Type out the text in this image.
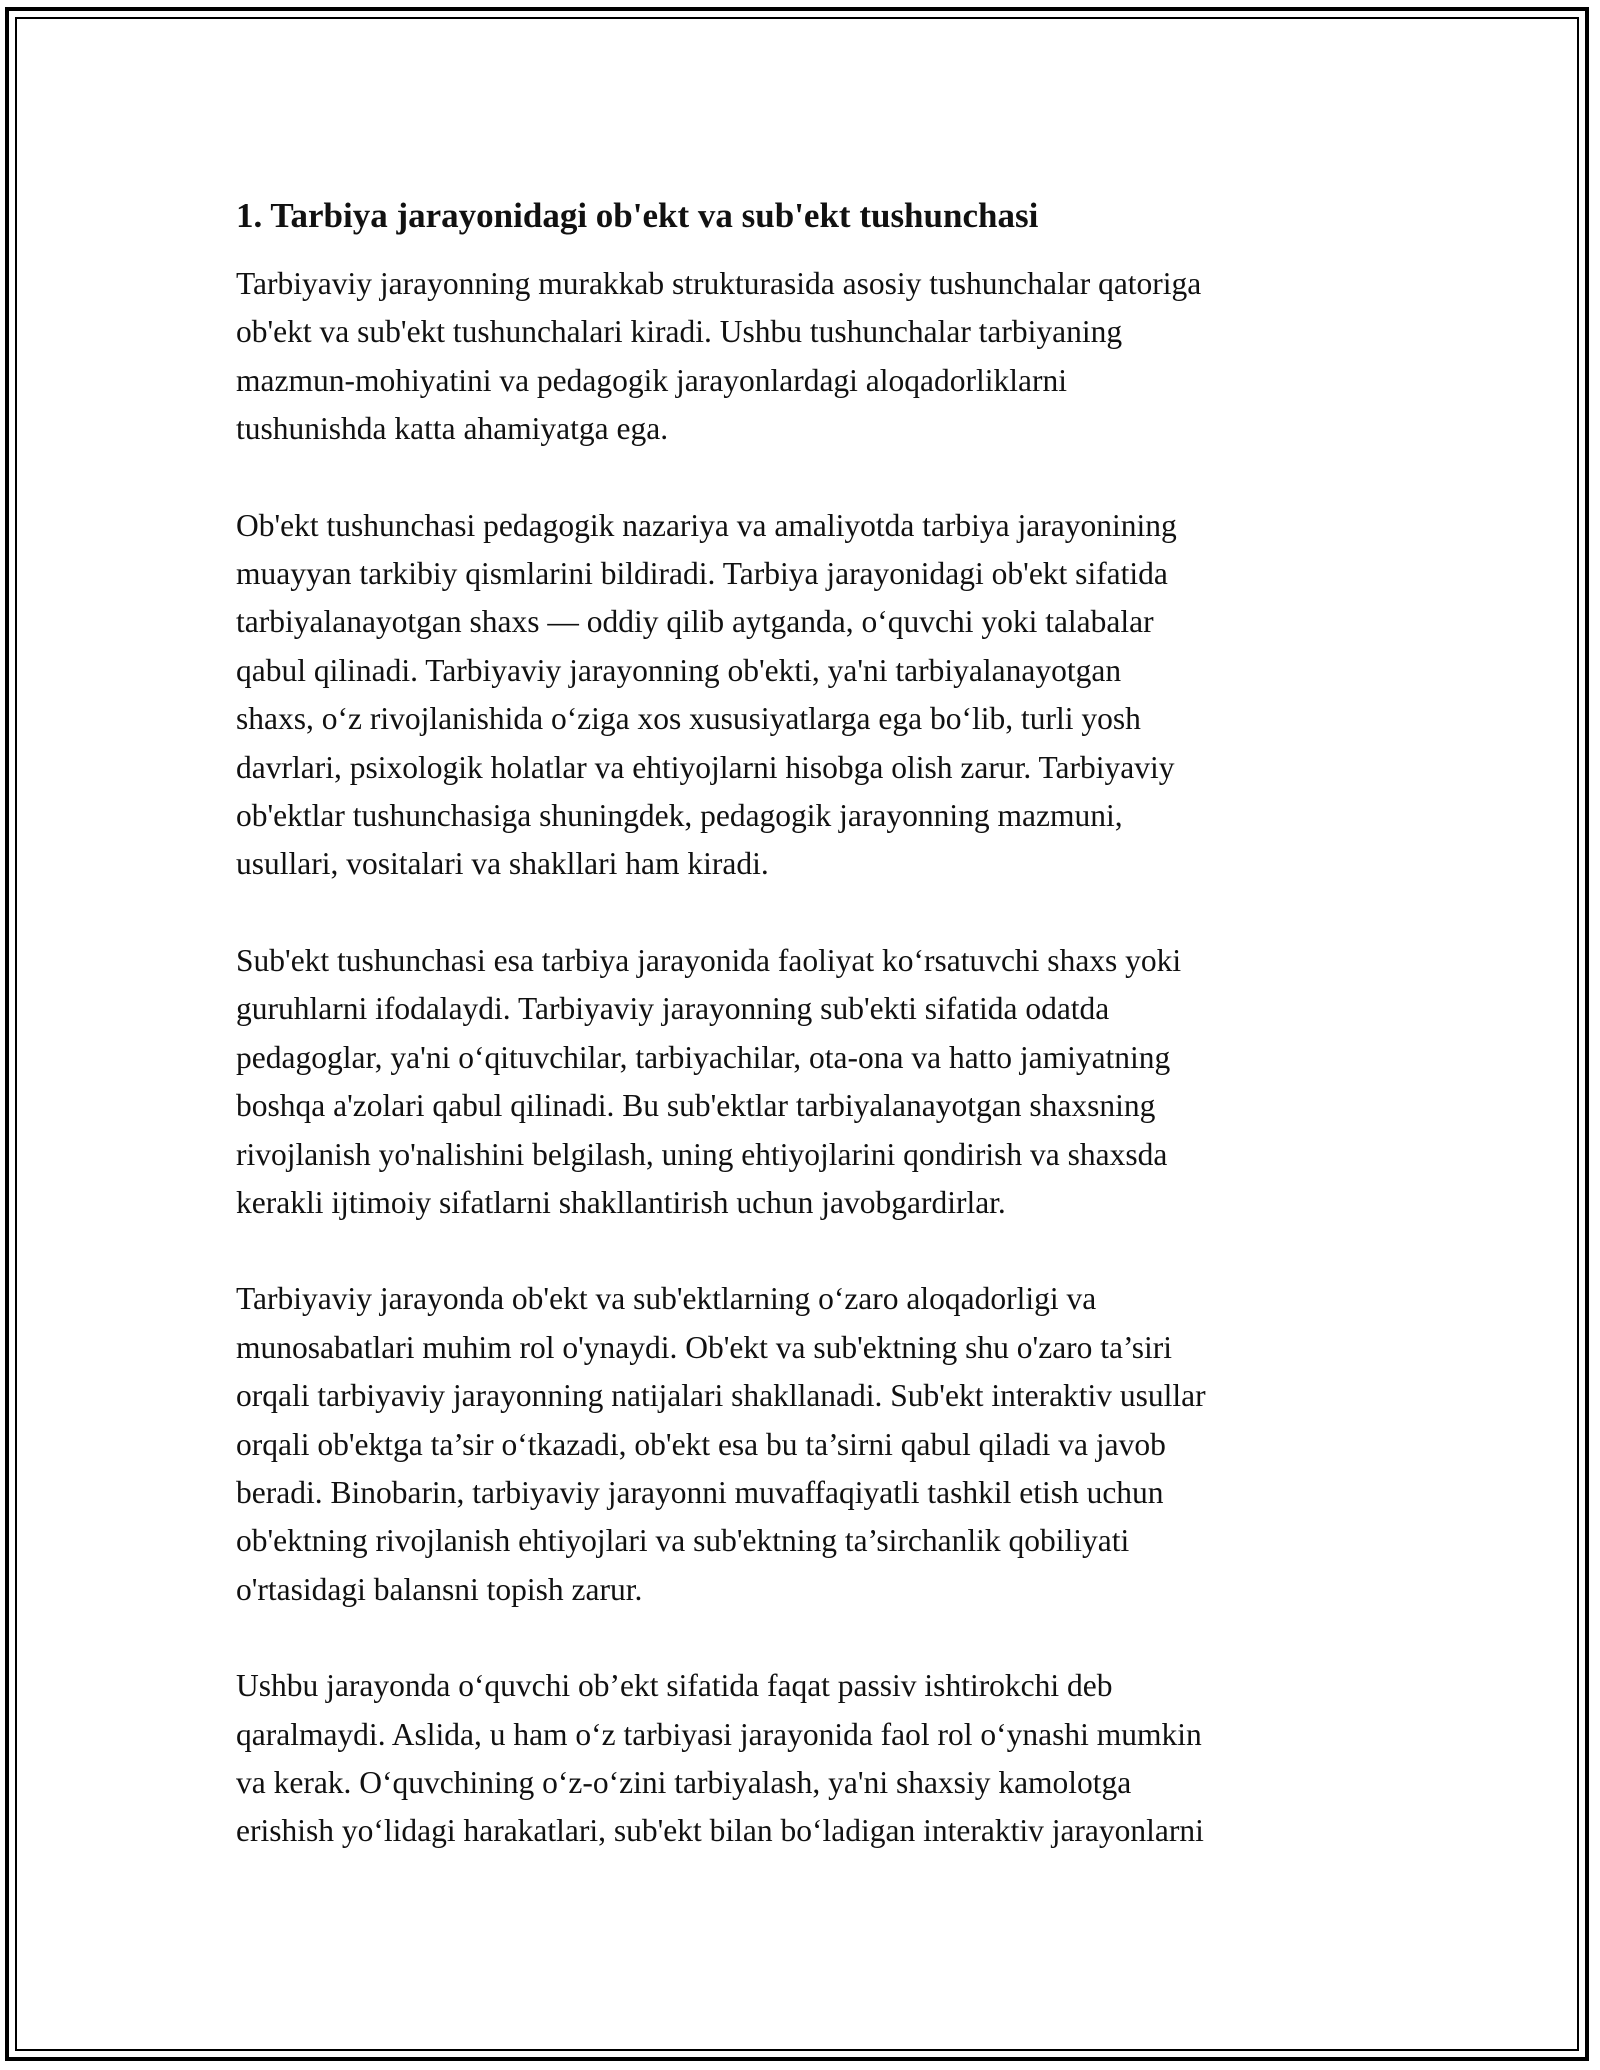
1. Tarbiya jarayonidagi ob'ekt va sub'ekt tushunchasi

Tarbiyaviy jarayonning murakkab strukturasida asosiy tushunchalar qatoriga
ob'ekt va sub'ekt tushunchalari kiradi. Ushbu tushunchalar tarbiyaning
mazmun-mohiyatini va pedagogik jarayonlardagi aloqadorliklarni
tushunishda katta ahamiyatga ega.

Ob'ekt tushunchasi pedagogik nazariya va amaliyotda tarbiya jarayonining
muayyan tarkibiy qismlarini bildiradi. Tarbiya jarayonidagi ob'ekt sifatida
tarbiyalanayotgan shaxs — oddiy qilib aytganda, o‘quvchi yoki talabalar
qabul qilinadi. Tarbiyaviy jarayonning ob'ekti, ya'ni tarbiyalanayotgan
shaxs, o‘z rivojlanishida o‘ziga xos xususiyatlarga ega bo‘lib, turli yosh
davrlari, psixologik holatlar va ehtiyojlarni hisobga olish zarur. Tarbiyaviy
ob'ektlar tushunchasiga shuningdek, pedagogik jarayonning mazmuni,
usullari, vositalari va shakllari ham kiradi.

Sub'ekt tushunchasi esa tarbiya jarayonida faoliyat ko‘rsatuvchi shaxs yoki
guruhlarni ifodalaydi. Tarbiyaviy jarayonning sub'ekti sifatida odatda
pedagoglar, ya'ni o‘qituvchilar, tarbiyachilar, ota-ona va hatto jamiyatning
boshqa a'zolari qabul qilinadi. Bu sub'ektlar tarbiyalanayotgan shaxsning
rivojlanish yo'nalishini belgilash, uning ehtiyojlarini qondirish va shaxsda
kerakli ijtimoiy sifatlarni shakllantirish uchun javobgardirlar.

Tarbiyaviy jarayonda ob'ekt va sub'ektlarning o‘zaro aloqadorligi va
munosabatlari muhim rol o'ynaydi. Ob'ekt va sub'ektning shu o'zaro ta’siri
orqali tarbiyaviy jarayonning natijalari shakllanadi. Sub'ekt interaktiv usullar
orqali ob'ektga ta’sir o‘tkazadi, ob'ekt esa bu ta’sirni qabul qiladi va javob
beradi. Binobarin, tarbiyaviy jarayonni muvaffaqiyatli tashkil etish uchun
ob'ektning rivojlanish ehtiyojlari va sub'ektning ta’sirchanlik qobiliyati
o'rtasidagi balansni topish zarur.

Ushbu jarayonda o‘quvchi ob’ekt sifatida faqat passiv ishtirokchi deb
qaralmaydi. Aslida, u ham o‘z tarbiyasi jarayonida faol rol o‘ynashi mumkin
va kerak. O‘quvchining o‘z-o‘zini tarbiyalash, ya'ni shaxsiy kamolotga
erishish yo‘lidagi harakatlari, sub'ekt bilan bo‘ladigan interaktiv jarayonlarni
